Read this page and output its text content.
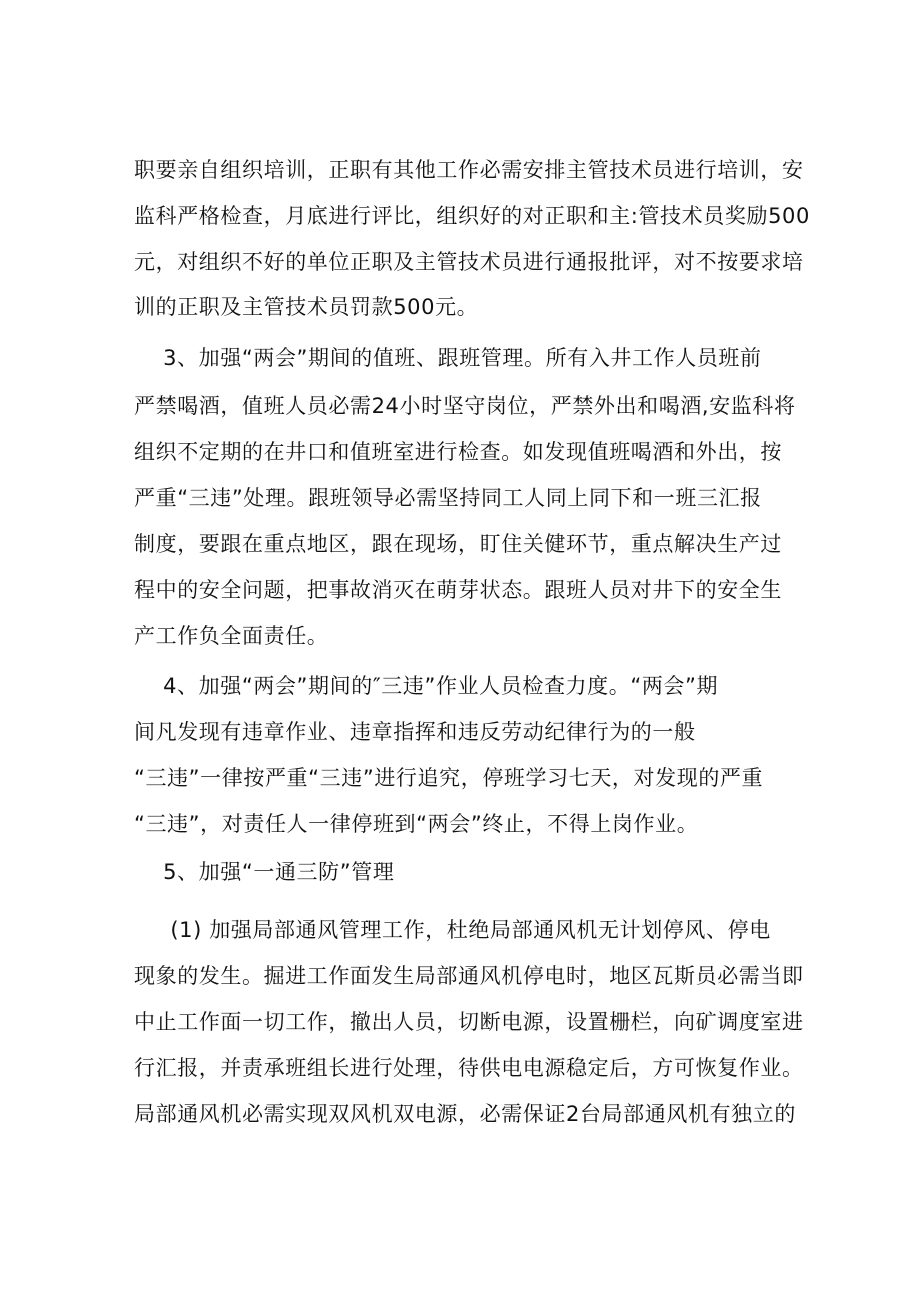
职要亲自组织培训，正职有其他工作必需安排主管技术员进行培训，安
监科严格检查，月底进行评比，组织好的对正职和主:管技术员奖励500
元，对组织不好的单位正职及主管技术员进行通报批评，对不按要求培
训的正职及主管技术员罚款500元。
3、加强“两会”期间的值班、跟班管理。所有入井工作人员班前
严禁喝酒，值班人员必需24小时坚守岗位，严禁外出和喝酒,安监科将
组织不定期的在井口和值班室进行检查。如发现值班喝酒和外出，按
严重“三违”处理。跟班领导必需坚持同工人同上同下和一班三汇报
制度，要跟在重点地区，跟在现场，盯住关健环节，重点解决生产过
程中的安全问题，把事故消灭在萌芽状态。跟班人员对井下的安全生
产工作负全面责任。
4、加强“两会”期间的″三违”作业人员检查力度。“两会”期
间凡发现有违章作业、违章指挥和违反劳动纪律行为的一般
“三违”一律按严重“三违”进行追究，停班学习七天，对发现的严重
“三违”，对责任人一律停班到“两会”终止，不得上岗作业。
5、加强“一通三防”管理
(1) 加强局部通风管理工作，杜绝局部通风机无计划停风、停电
现象的发生。掘进工作面发生局部通风机停电时，地区瓦斯员必需当即
中止工作面一切工作，撤出人员，切断电源，设置栅栏，向矿调度室进
行汇报，并责承班组长进行处理，待供电电源稳定后，方可恢复作业。
局部通风机必需实现双风机双电源，必需保证2台局部通风机有独立的
